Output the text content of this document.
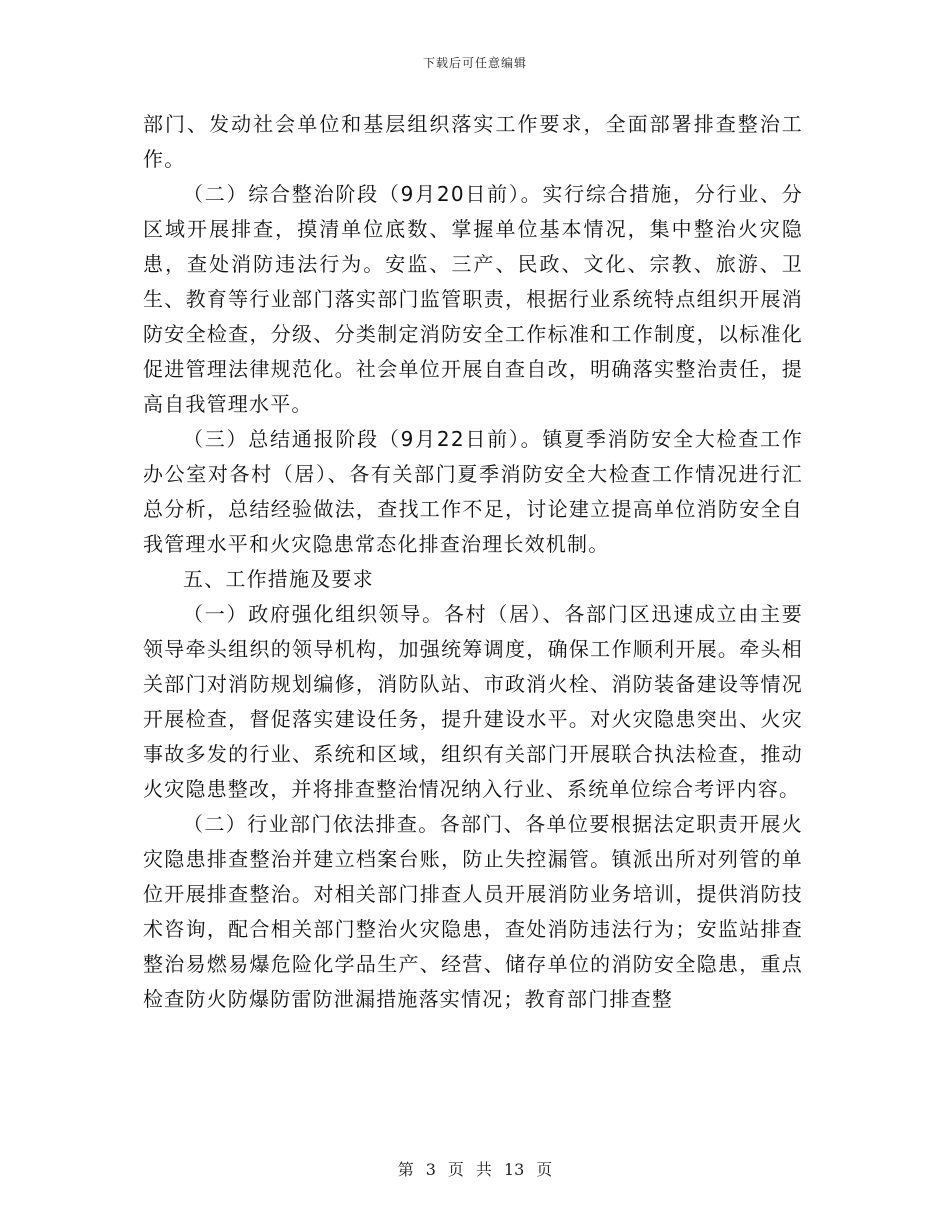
下载后可任意编辑

部门、发动社会单位和基层组织落实工作要求，全面部署排查整治工作。

（二）综合整治阶段（9月20日前）。实行综合措施，分行业、分区域开展排查，摸清单位底数、掌握单位基本情况，集中整治火灾隐患，查处消防违法行为。安监、三产、民政、文化、宗教、旅游、卫生、教育等行业部门落实部门监管职责，根据行业系统特点组织开展消防安全检查，分级、分类制定消防安全工作标准和工作制度，以标准化促进管理法律规范化。社会单位开展自查自改，明确落实整治责任，提高自我管理水平。

（三）总结通报阶段（9月22日前）。镇夏季消防安全大检查工作办公室对各村（居）、各有关部门夏季消防安全大检查工作情况进行汇总分析，总结经验做法，查找工作不足，讨论建立提高单位消防安全自我管理水平和火灾隐患常态化排查治理长效机制。

五、工作措施及要求

（一）政府强化组织领导。各村（居）、各部门区迅速成立由主要领导牵头组织的领导机构，加强统筹调度，确保工作顺利开展。牵头相关部门对消防规划编修，消防队站、市政消火栓、消防装备建设等情况开展检查，督促落实建设任务，提升建设水平。对火灾隐患突出、火灾事故多发的行业、系统和区域，组织有关部门开展联合执法检查，推动火灾隐患整改，并将排查整治情况纳入行业、系统单位综合考评内容。

（二）行业部门依法排查。各部门、各单位要根据法定职责开展火灾隐患排查整治并建立档案台账，防止失控漏管。镇派出所对列管的单位开展排查整治。对相关部门排查人员开展消防业务培训，提供消防技术咨询，配合相关部门整治火灾隐患，查处消防违法行为；安监站排查整治易燃易爆危险化学品生产、经营、储存单位的消防安全隐患，重点检查防火防爆防雷防泄漏措施落实情况；教育部门排查整

第 3 页 共 13 页
